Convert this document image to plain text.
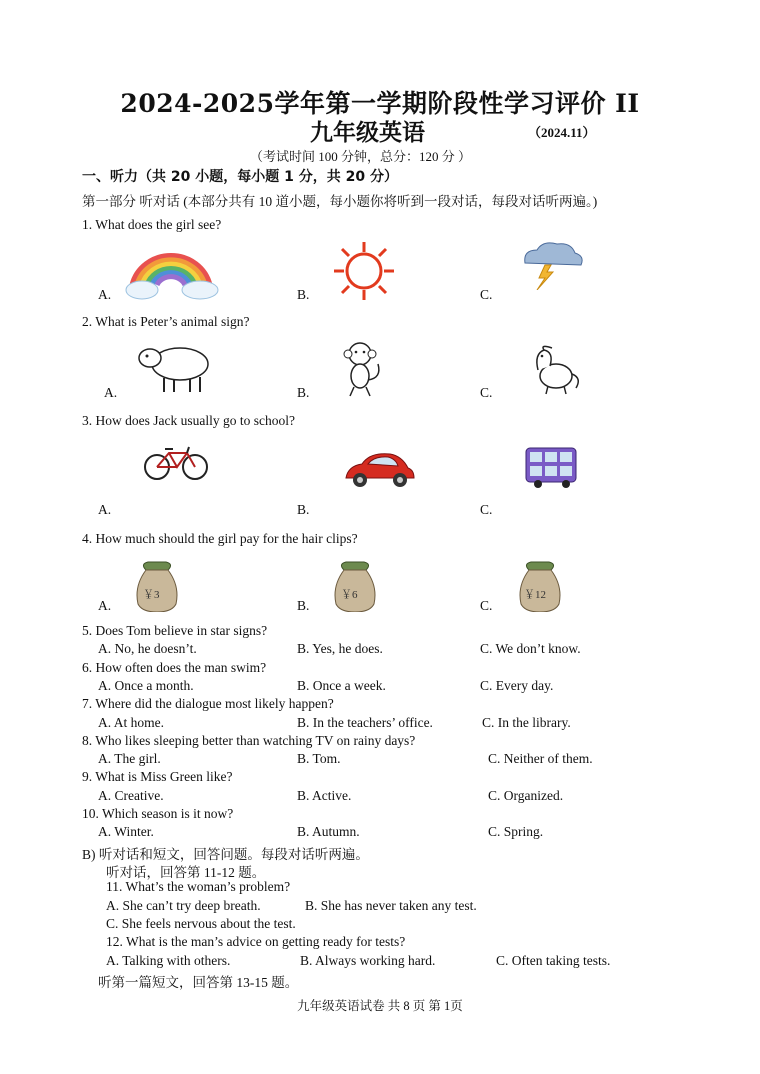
2024-2025学年第一学期阶段性学习评价 II
九年级英语	（2024.11）
（考试时间 100 分钟，总分：120 分 ）
一、听力（共 20 小题，每小题 1 分，共 20 分）
第一部分 听对话 (本部分共有 10 道小题，每小题你将听到一段对话，每段对话听两遍。)
1. What does the girl see?
A.	B.	C.
2. What is Peter’s animal sign?
A.	B.	C.
3. How does Jack usually go to school?
A.	B.	C.
4. How much should the girl pay for the hair clips?
A.	B.	C.
￥3	￥6	￥12
5. Does Tom believe in star signs?
A. No, he doesn’t.	B. Yes, he does.	C. We don’t know.
6. How often does the man swim?
A. Once a month.	B. Once a week.	C. Every day.
7. Where did the dialogue most likely happen?
A. At home.	B. In the teachers’ office.	C. In the library.
8. Who likes sleeping better than watching TV on rainy days?
A. The girl.	B. Tom.	C. Neither of them.
9. What is Miss Green like?
A. Creative.	B. Active.	C. Organized.
10. Which season is it now?
A. Winter.	B. Autumn.	C. Spring.
B) 听对话和短文，回答问题。每段对话听两遍。
听对话，回答第 11-12 题。
11. What’s the woman’s problem?
A. She can’t try deep breath.	B. She has never taken any test.
C. She feels nervous about the test.
12. What is the man’s advice on getting ready for tests?
A. Talking with others.	B. Always working hard.	C. Often taking tests.
听第一篇短文，回答第 13-15 题。
九年级英语试卷 共 8 页 第 1页
